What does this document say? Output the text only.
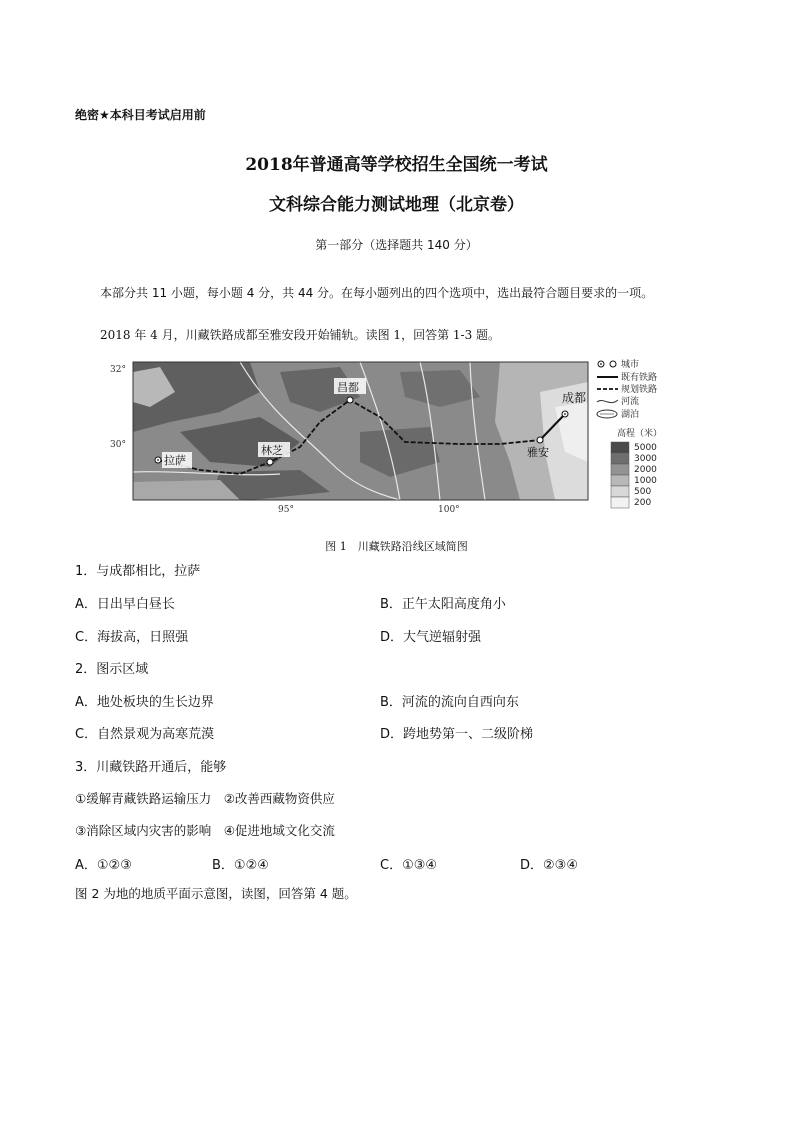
绝密★本科目考试启用前
2018年普通高等学校招生全国统一考试
文科综合能力测试地理（北京卷）
第一部分（选择题共 140 分）
本部分共 11 小题，每小题 4 分，共 44 分。在每小题列出的四个选项中，选出最符合题目要求的一项。
2018 年 4 月，川藏铁路成都至雅安段开始铺轨。读图 1，回答第 1-3 题。
拉萨
林芝
昌都
成都
雅安
32°
30°
95°	100°
城市
既有铁路
规划铁路
河流
湖泊
高程（米）
5000
3000
2000
1000
500
200
图 1　川藏铁路沿线区域简图
1．与成都相比，拉萨
A．日出早白昼长	B．正午太阳高度角小
C．海拔高，日照强	D．大气逆辐射强
2．图示区域
A．地处板块的生长边界	B．河流的流向自西向东
C．自然景观为高寒荒漠	D．跨地势第一、二级阶梯
3．川藏铁路开通后，能够
①缓解青藏铁路运输压力　②改善西藏物资供应
③消除区域内灾害的影响　④促进地域文化交流
A．①②③	B．①②④	C．①③④	D．②③④
图 2 为地的地质平面示意图，读图，回答第 4 题。
